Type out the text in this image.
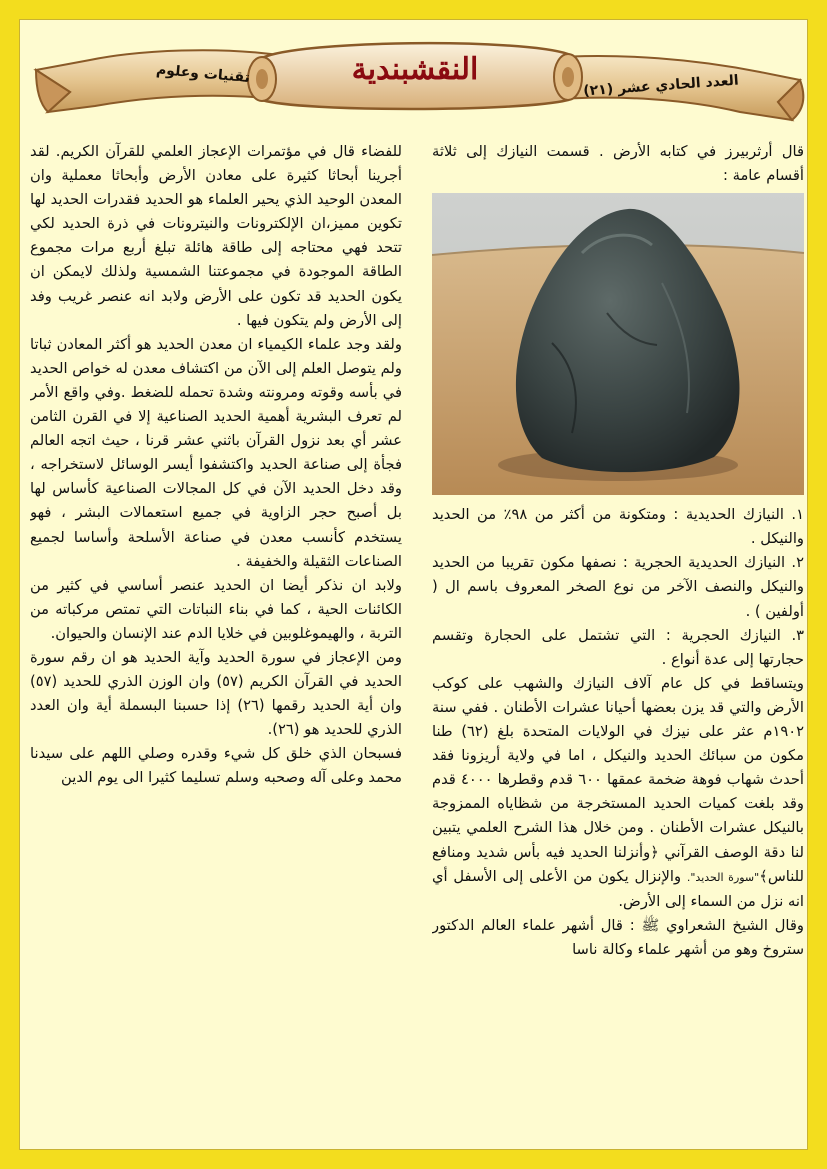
النقشبندية
تقنيات وعلوم
العدد الحادي عشر (٢١)

قال أرثربيرز في كتابه الأرض . قسمت النيازك إلى ثلاثة أقسام عامة :

١. النيازك الحديدية : ومتكونة من أكثر من ٩٨٪ من الحديد والنيكل .

٢. النيازك الحديدية الحجرية : نصفها مكون تقريبا من الحديد والنيكل والنصف الآخر من نوع الصخر المعروف باسم ال ( أولفين ) .

٣. النيازك الحجرية : التي تشتمل على الحجارة وتقسم حجارتها إلى عدة أنواع .

ويتساقط في كل عام آلاف النيازك والشهب على كوكب الأرض والتي قد يزن بعضها أحيانا عشرات الأطنان . ففي سنة ١٩٠٢م عثر على نيزك في الولايات المتحدة بلغ (٦٢) طنا مكون من سبائك الحديد والنيكل ، اما في ولاية أريزونا فقد أحدث شهاب فوهة ضخمة عمقها ٦٠٠ قدم وقطرها ٤٠٠٠ قدم وقد بلغت كميات الحديد المستخرجة من شظاياه الممزوجة بالنيكل عشرات الأطنان . ومن خلال هذا الشرح العلمي يتبين لنا دقة الوصف القرآني ﴿وأنزلنا الحديد فيه بأس شديد ومنافع للناس﴾"سورة الحديد". والإنزال يكون من الأعلى إلى الأسفل أي انه نزل من السماء إلى الأرض.

وقال الشيخ الشعراوي ﷺ : قال أشهر علماء العالم الدكتور ستروخ وهو من أشهر علماء وكالة ناسا

للفضاء قال في مؤتمرات الإعجاز العلمي للقرآن الكريم. لقد أجرينا أبحاثا كثيرة على معادن الأرض وأبحاثا معملية وان المعدن الوحيد الذي يحير العلماء هو الحديد فقدرات الحديد لها تكوين مميز،ان الإلكترونات والنيترونات في ذرة الحديد لكي تتحد فهي محتاجه إلى طاقة هائلة تبلغ أربع مرات مجموع الطاقة الموجودة في مجموعتنا الشمسية ولذلك لايمكن ان يكون الحديد قد تكون على الأرض ولابد انه عنصر غريب وفد إلى الأرض ولم يتكون فيها .

ولقد وجد علماء الكيمياء ان معدن الحديد هو أكثر المعادن ثباتا ولم يتوصل العلم إلى الآن من اكتشاف معدن له خواص الحديد في بأسه وقوته ومرونته وشدة تحمله للضغط .وفي واقع الأمر لم تعرف البشرية أهمية الحديد الصناعية إلا في القرن الثامن عشر أي بعد نزول القرآن باثني عشر قرنا ، حيث اتجه العالم فجأة إلى صناعة الحديد واكتشفوا أيسر الوسائل لاستخراجه ، وقد دخل الحديد الآن في كل المجالات الصناعية كأساس لها بل أصبح حجر الزاوية في جميع استعمالات البشر ، فهو يستخدم كأنسب معدن في صناعة الأسلحة وأساسا لجميع الصناعات الثقيلة والخفيفة .

ولابد ان نذكر أيضا ان الحديد عنصر أساسي في كثير من الكائنات الحية ، كما في بناء النباتات التي تمتص مركباته من التربة ، والهيموغلوبين في خلايا الدم عند الإنسان والحيوان.

ومن الإعجاز في سورة الحديد وآية الحديد هو ان رقم سورة الحديد في القرآن الكريم (٥٧) وان الوزن الذري للحديد (٥٧) وان أية الحديد رقمها (٢٦) إذا حسبنا البسملة أية وان العدد الذري للحديد هو (٢٦).

فسبحان الذي خلق كل شيء وقدره وصلي اللهم على سيدنا محمد وعلى آله وصحبه وسلم تسليما كثيرا الى يوم الدين
